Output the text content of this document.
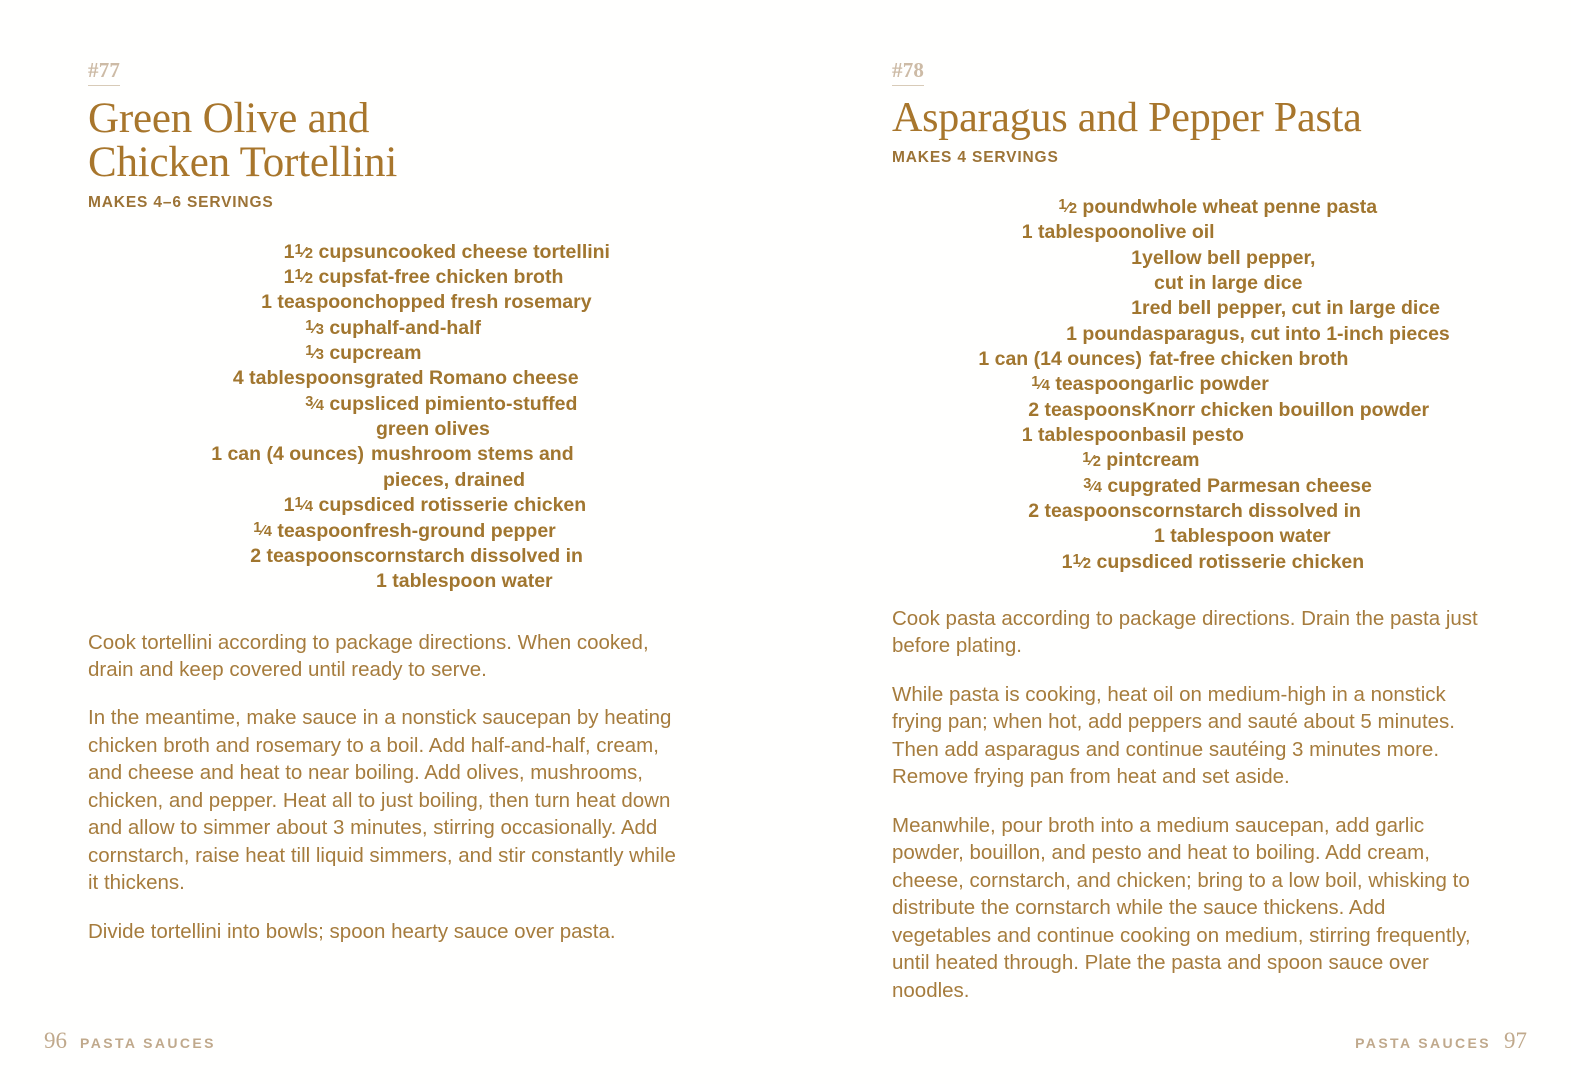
#77
Green Olive and
Chicken Tortellini

MAKES 4–6 SERVINGS

$1^1⁄_2$ cups	uncooked cheese tortellini
$1^1⁄_2$ cups	fat-free chicken broth
1 teaspoon	chopped fresh rosemary
$^1⁄_3$ cup	half-and-half
$^1⁄_3$ cup	cream
4 tablespoons	grated Romano cheese
$^3⁄_4$ cup	sliced pimiento-stuffed
green olives

1 can (4 ounces)	mushroom stems and
pieces, drained

$1^1⁄_4$ cups	diced rotisserie chicken
$^1⁄_4$ teaspoon	fresh-ground pepper
2 teaspoons	cornstarch dissolved in
1 tablespoon water

Cook tortellini according to package directions. When cooked, drain and keep covered until ready to serve.

In the meantime, make sauce in a nonstick saucepan by heating chicken broth and rosemary to a boil. Add half-and-half, cream, and cheese and heat to near boiling. Add olives, mushrooms, chicken, and pepper. Heat all to just boiling, then turn heat down and allow to simmer about 3 minutes, stirring occasionally. Add cornstarch, raise heat till liquid simmers, and stir constantly while it thickens.

Divide tortellini into bowls; spoon hearty sauce over pasta.

96 PASTA SAUCES
#78
Asparagus and Pepper Pasta

MAKES 4 SERVINGS

$^1⁄_2$ pound	whole wheat penne pasta
1 tablespoon	olive oil
1	yellow bell pepper,
cut in large dice

1	red bell pepper, cut in large dice
1 pound	asparagus, cut into 1-inch pieces
1 can (14 ounces)	fat-free chicken broth
$^1⁄_4$ teaspoon	garlic powder
2 teaspoons	Knorr chicken bouillon powder
1 tablespoon	basil pesto
$^1⁄_2$ pint	cream
$^3⁄_4$ cup	grated Parmesan cheese
2 teaspoons	cornstarch dissolved in
1 tablespoon water

$1^1⁄_2$ cups	diced rotisserie chicken

Cook pasta according to package directions. Drain the pasta just before plating.

While pasta is cooking, heat oil on medium-high in a nonstick frying pan; when hot, add peppers and sauté about 5 minutes. Then add asparagus and continue sautéing 3 minutes more. Remove frying pan from heat and set aside.

Meanwhile, pour broth into a medium saucepan, add garlic powder, bouillon, and pesto and heat to boiling. Add cream, cheese, cornstarch, and chicken; bring to a low boil, whisking to distribute the cornstarch while the sauce thickens. Add vegetables and continue cooking on medium, stirring frequently, until heated through. Plate the pasta and spoon sauce over noodles.

PASTA SAUCES 97
